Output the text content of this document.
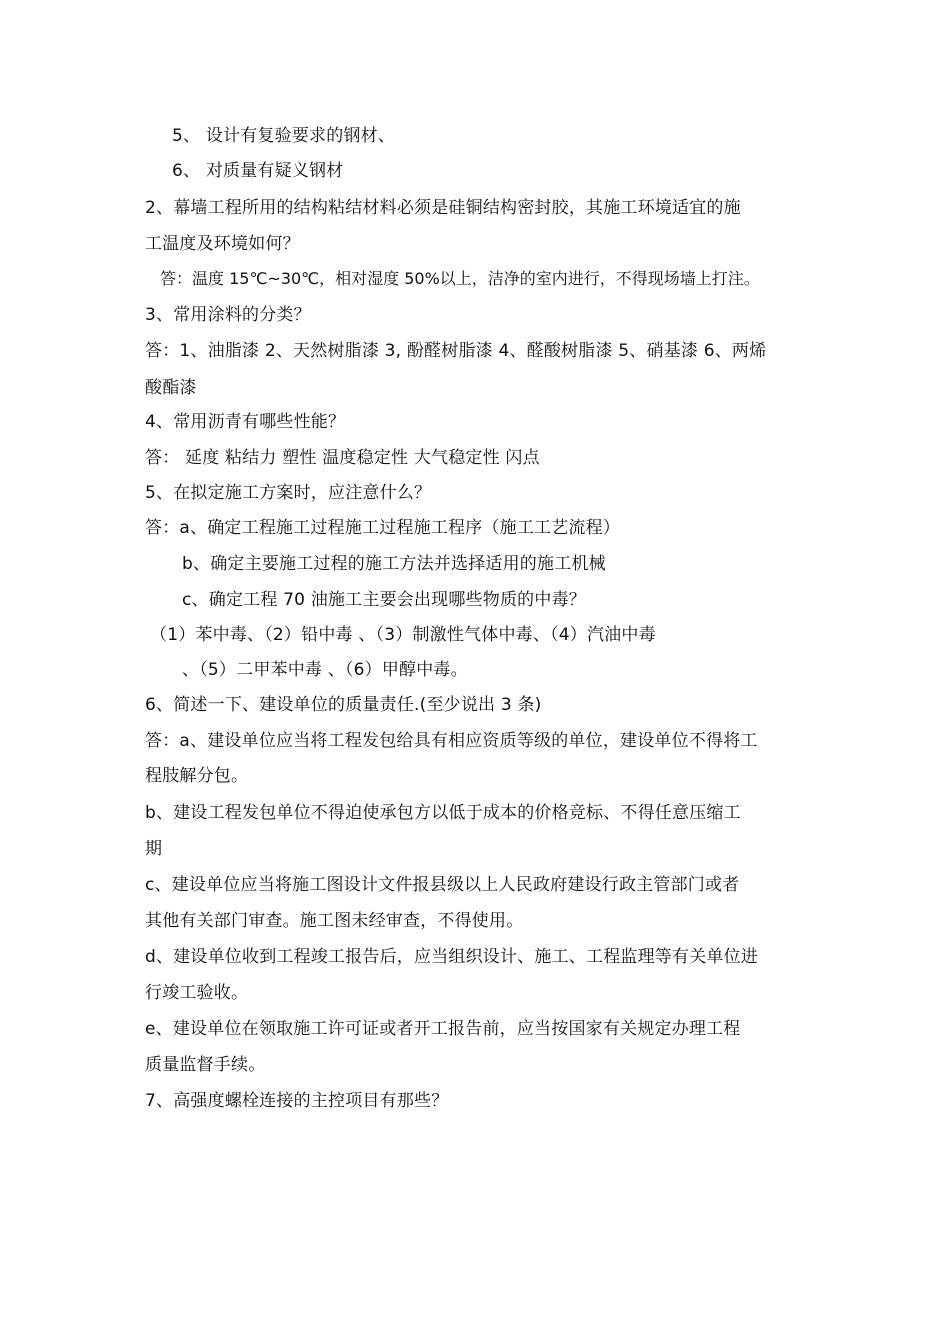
5、 设计有复验要求的钢材、
6、 对质量有疑义钢材
2、幕墙工程所用的结构粘结材料必须是硅铜结构密封胶，其施工环境适宜的施
工温度及环境如何？
答：温度 15℃~30℃，相对湿度 50%以上，洁净的室内进行，不得现场墙上打注。
3、常用涂料的分类？
答：1、油脂漆 2、天然树脂漆 3, 酚醛树脂漆 4、醛酸树脂漆 5、硝基漆 6、两烯
酸酯漆
4、常用沥青有哪些性能？
答： 延度 粘结力 塑性 温度稳定性 大气稳定性 闪点
5、在拟定施工方案时，应注意什么？
答：a、确定工程施工过程施工过程施工程序（施工工艺流程）
b、确定主要施工过程的施工方法并选择适用的施工机械
c、确定工程 70 油施工主要会出现哪些物质的中毒？
（1）苯中毒、（2）铅中毒 、（3）制激性气体中毒、（4）汽油中毒
、（5）二甲苯中毒 、（6）甲醇中毒。
6、简述一下、建设单位的质量责任.(至少说出 3 条)
答：a、建设单位应当将工程发包给具有相应资质等级的单位，建设单位不得将工
程肢解分包。
b、建设工程发包单位不得迫使承包方以低于成本的价格竞标、不得任意压缩工
期
c、建设单位应当将施工图设计文件报县级以上人民政府建设行政主管部门或者
其他有关部门审查。施工图未经审查，不得使用。
d、建设单位收到工程竣工报告后，应当组织设计、施工、工程监理等有关单位进
行竣工验收。
e、建设单位在领取施工许可证或者开工报告前，应当按国家有关规定办理工程
质量监督手续。
7、高强度螺栓连接的主控项目有那些？
